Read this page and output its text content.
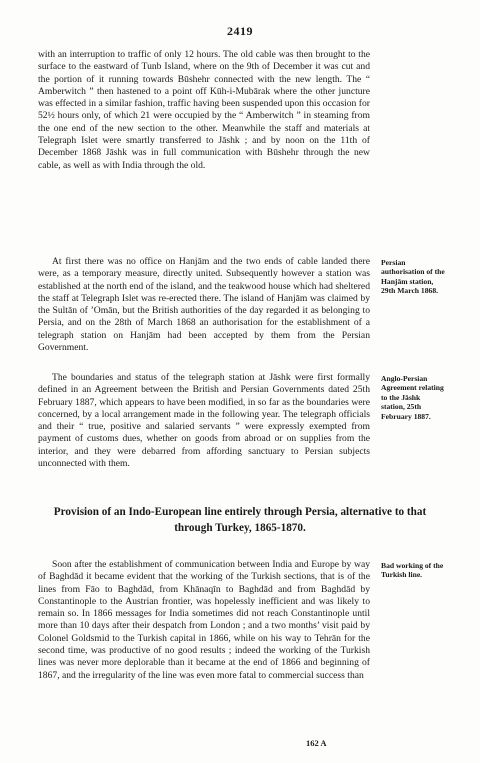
2419

with an interruption to traffic of only 12 hours. The old cable was then brought to the surface to the eastward of Tunb Island, where on the 9th of December it was cut and the portion of it running towards Būshehr connected with the new length. The “ Amberwitch ” then hastened to a point off Kūh-i-Mubārak where the other juncture was effected in a similar fashion, traffic having been suspended upon this occasion for 52½ hours only, of which 21 were occupied by the “ Amberwitch ” in steaming from the one end of the new section to the other. Meanwhile the staff and materials at Telegraph Islet were smartly transferred to Jāshk ; and by noon on the 11th of December 1868 Jāshk was in full communication with Būshehr through the new cable, as well as with India through the old.

At first there was no office on Hanjām and the two ends of cable landed there were, as a temporary measure, directly united. Subsequently however a station was established at the north end of the island, and the teakwood house which had sheltered the staff at Telegraph Islet was re-erected there. The island of Hanjām was claimed by the Sultān of ’Omān, but the British authorities of the day regarded it as belonging to Persia, and on the 28th of March 1868 an authorisation for the establishment of a telegraph station on Hanjām had been accepted by them from the Persian Government.

Persian authorisation of the Hanjām station, 29th March 1868.

The boundaries and status of the telegraph station at Jāshk were first formally defined in an Agreement between the British and Persian Governments dated 25th February 1887, which appears to have been modified, in so far as the boundaries were concerned, by a local arrangement made in the following year. The telegraph officials and their “ true, positive and salaried servants ” were expressly exempted from payment of customs dues, whether on goods from abroad or on supplies from the interior, and they were debarred from affording sanctuary to Persian subjects unconnected with them.

Anglo-Persian Agreement relating to the Jāshk station, 25th February 1887.
Provision of an Indo-European line entirely through Persia, alternative to that through Turkey, 1865-1870.

Soon after the establishment of communication between India and Europe by way of Baghdād it became evident that the working of the Turkish sections, that is of the lines from Fāo to Baghdād, from Khānaqīn to Baghdād and from Baghdād by Constantinople to the Austrian frontier, was hopelessly inefficient and was likely to remain so. In 1866 messages for India sometimes did not reach Constantinople until more than 10 days after their despatch from London ; and a two months’ visit paid by Colonel Goldsmid to the Turkish capital in 1866, while on his way to Tehrān for the second time, was productive of no good results ; indeed the working of the Turkish lines was never more deplorable than it became at the end of 1866 and beginning of 1867, and the irregularity of the line was even more fatal to commercial success than

Bad working of the Turkish line.
162 A
